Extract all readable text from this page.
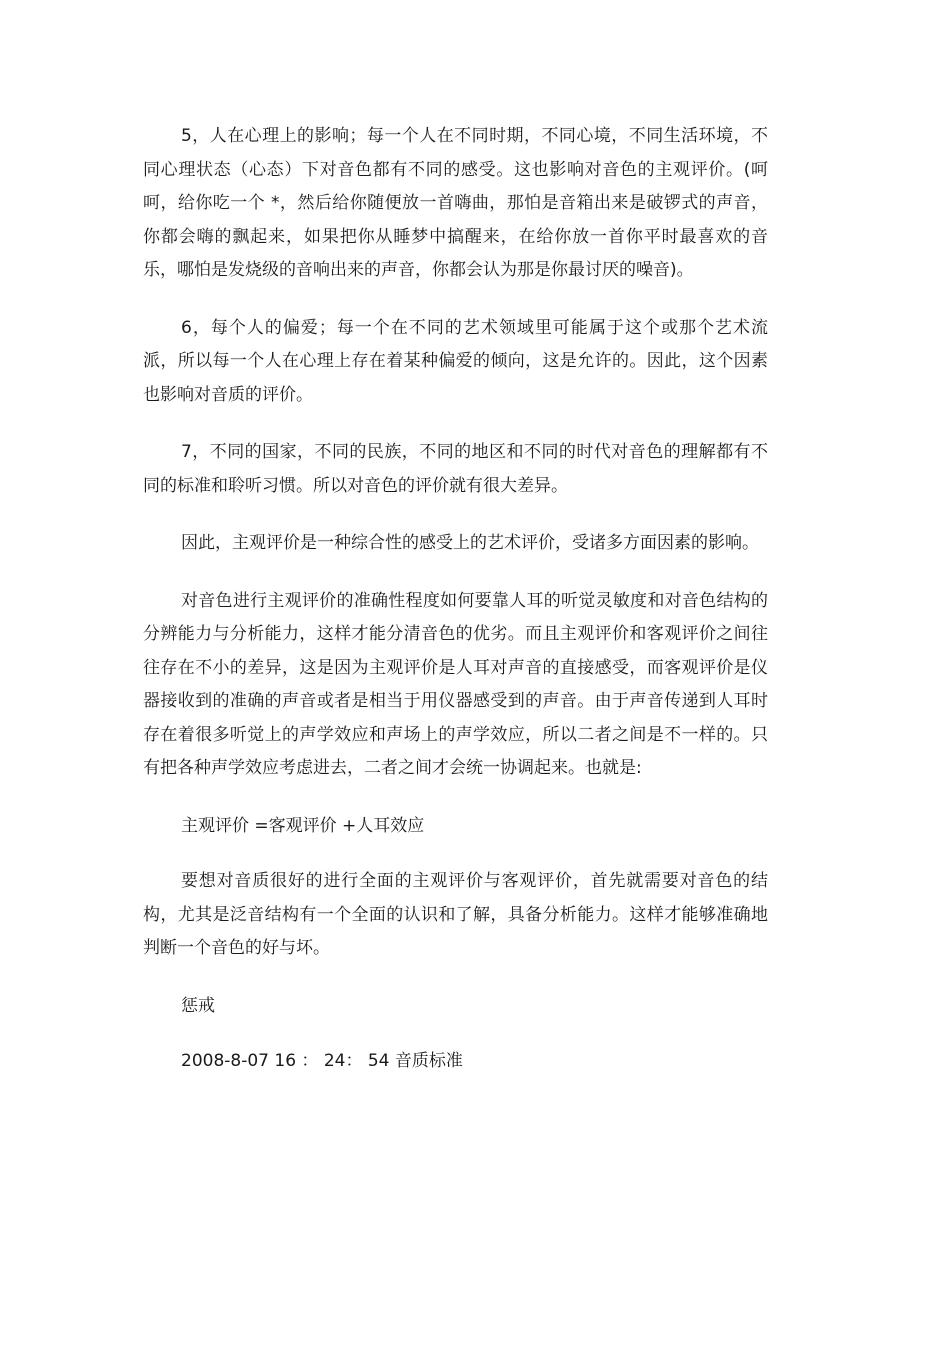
5，人在心理上的影响；每一个人在不同时期，不同心境，不同生活环境，不同心理状态（心态）下对音色都有不同的感受。这也影响对音色的主观评价。(呵呵，给你吃一个 *，然后给你随便放一首嗨曲，那怕是音箱出来是破锣式的声音，你都会嗨的飘起来，如果把你从睡梦中搞醒来，在给你放一首你平时最喜欢的音乐，哪怕是发烧级的音响出来的声音，你都会认为那是你最讨厌的噪音)。

6，每个人的偏爱；每一个在不同的艺术领域里可能属于这个或那个艺术流派，所以每一个人在心理上存在着某种偏爱的倾向，这是允许的。因此，这个因素也影响对音质的评价。

7，不同的国家，不同的民族，不同的地区和不同的时代对音色的理解都有不同的标准和聆听习惯。所以对音色的评价就有很大差异。

因此，主观评价是一种综合性的感受上的艺术评价，受诸多方面因素的影响。

对音色进行主观评价的准确性程度如何要靠人耳的听觉灵敏度和对音色结构的分辨能力与分析能力，这样才能分清音色的优劣。而且主观评价和客观评价之间往往存在不小的差异，这是因为主观评价是人耳对声音的直接感受，而客观评价是仪器接收到的准确的声音或者是相当于用仪器感受到的声音。由于声音传递到人耳时存在着很多听觉上的声学效应和声场上的声学效应，所以二者之间是不一样的。只有把各种声学效应考虑进去，二者之间才会统一协调起来。也就是:

主观评价 =客观评价 +人耳效应

要想对音质很好的进行全面的主观评价与客观评价，首先就需要对音色的结构，尤其是泛音结构有一个全面的认识和了解，具备分析能力。这样才能够准确地判断一个音色的好与坏。

惩戒

2008-8-07 16 ： 24： 54 音质标准
